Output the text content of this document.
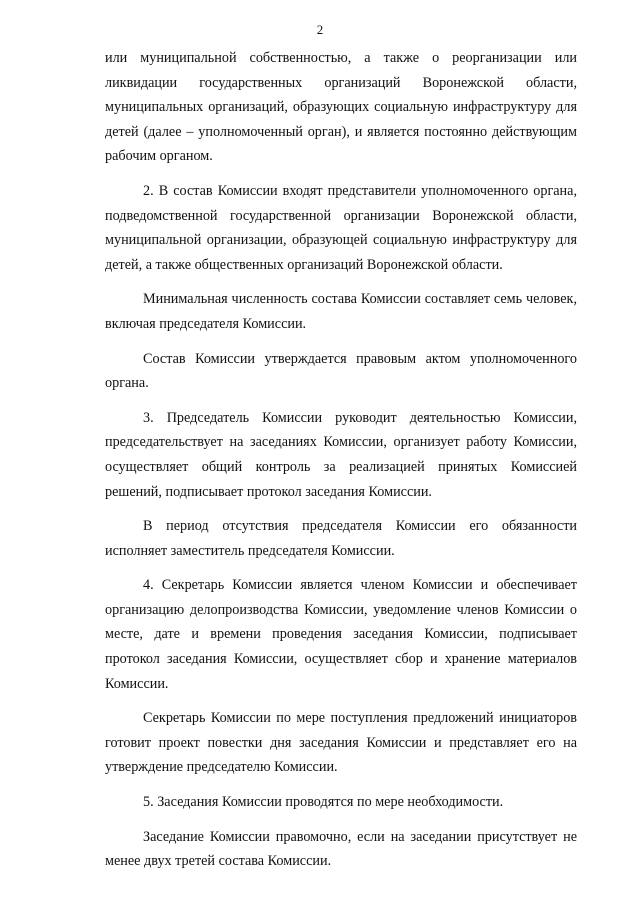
2

или муниципальной собственностью, а также о реорганизации или ликвидации государственных организаций Воронежской области, муниципальных организаций, образующих социальную инфраструктуру для детей (далее – уполномоченный орган), и является постоянно действующим рабочим органом.

2. В состав Комиссии входят представители уполномоченного органа, подведомственной государственной организации Воронежской области, муниципальной организации, образующей социальную инфраструктуру для детей, а также общественных организаций Воронежской области.

Минимальная численность состава Комиссии составляет семь человек, включая председателя Комиссии.

Состав Комиссии утверждается правовым актом уполномоченного органа.

3. Председатель Комиссии руководит деятельностью Комиссии, председательствует на заседаниях Комиссии, организует работу Комиссии, осуществляет общий контроль за реализацией принятых Комиссией решений, подписывает протокол заседания Комиссии.

В период отсутствия председателя Комиссии его обязанности исполняет заместитель председателя Комиссии.

4. Секретарь Комиссии является членом Комиссии и обеспечивает организацию делопроизводства Комиссии, уведомление членов Комиссии о месте, дате и времени проведения заседания Комиссии, подписывает протокол заседания Комиссии, осуществляет сбор и хранение материалов Комиссии.

Секретарь Комиссии по мере поступления предложений инициаторов готовит проект повестки дня заседания Комиссии и представляет его на утверждение председателю Комиссии.

5. Заседания Комиссии проводятся по мере необходимости.

Заседание Комиссии правомочно, если на заседании присутствует не менее двух третей состава Комиссии.
